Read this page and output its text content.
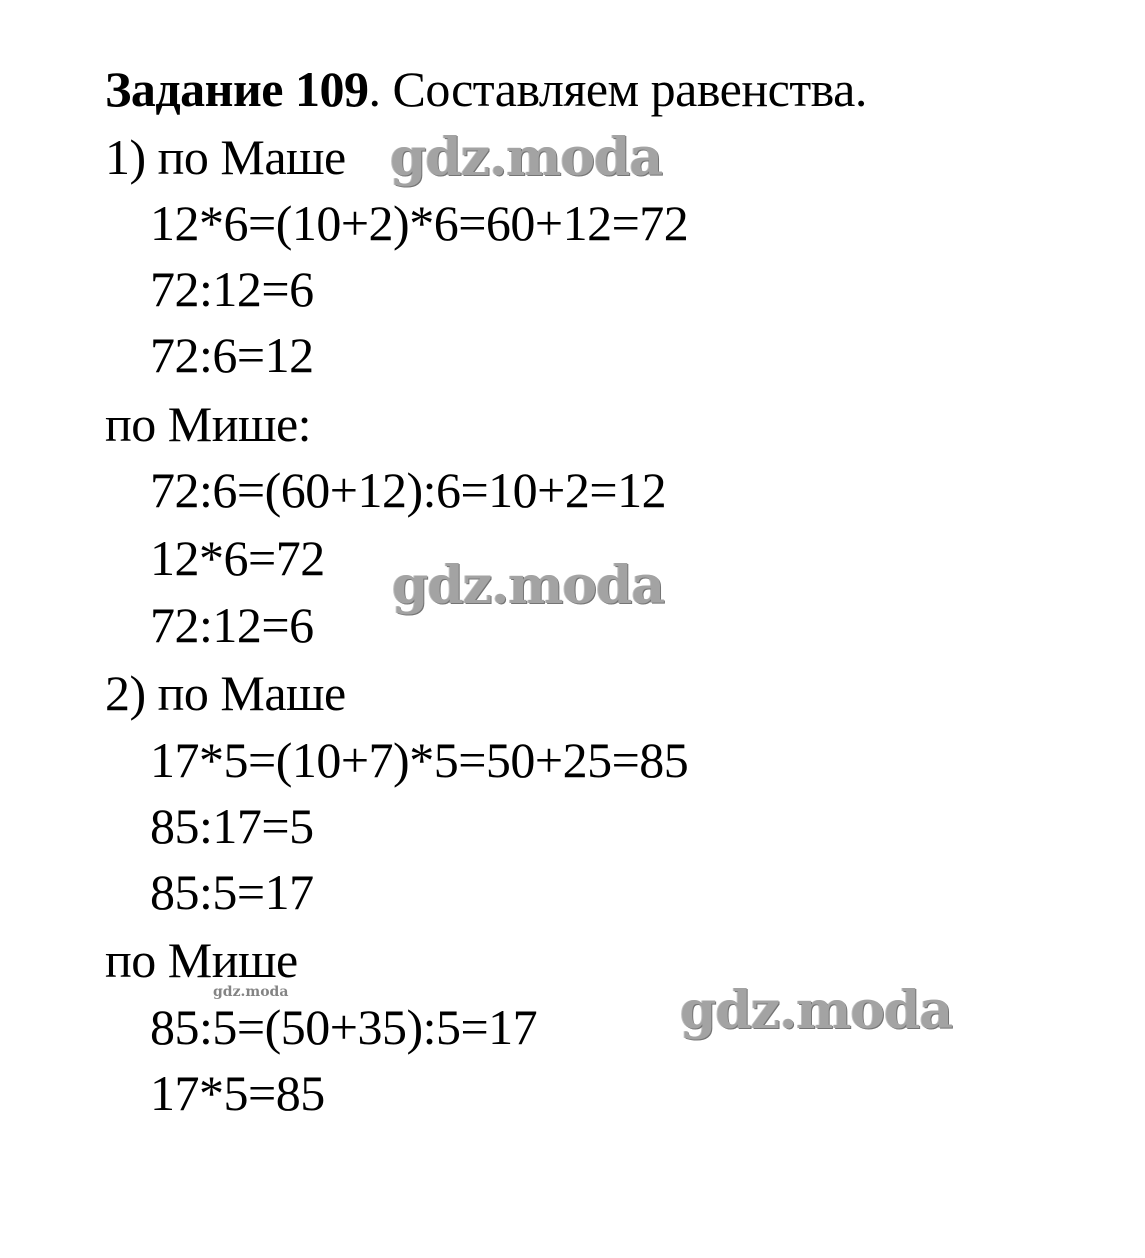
Задание 109. Составляем равенства.
1) по Маше
12*6=(10+2)*6=60+12=72
72:12=6
72:6=12
по Мише:
72:6=(60+12):6=10+2=12
12*6=72
72:12=6
2) по Маше
17*5=(10+7)*5=50+25=85
85:17=5
85:5=17
по Мише
85:5=(50+35):5=17
17*5=85
gdz.moda
gdz.moda
gdz.moda
gdz.moda
